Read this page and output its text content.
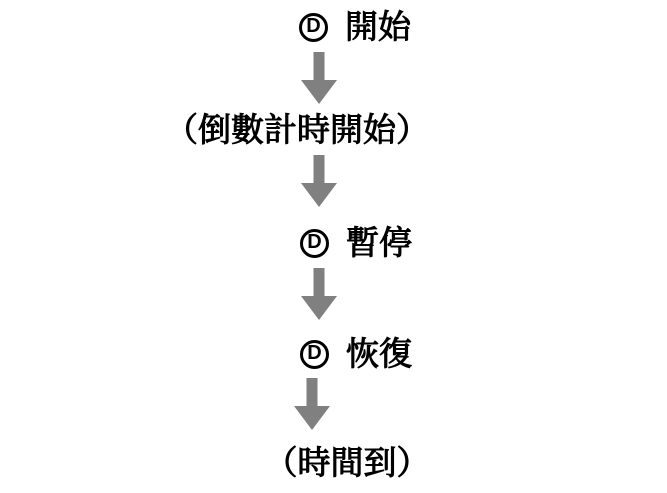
D 開始
（倒數計時開始）
D 暫停
D 恢復
（時間到）
